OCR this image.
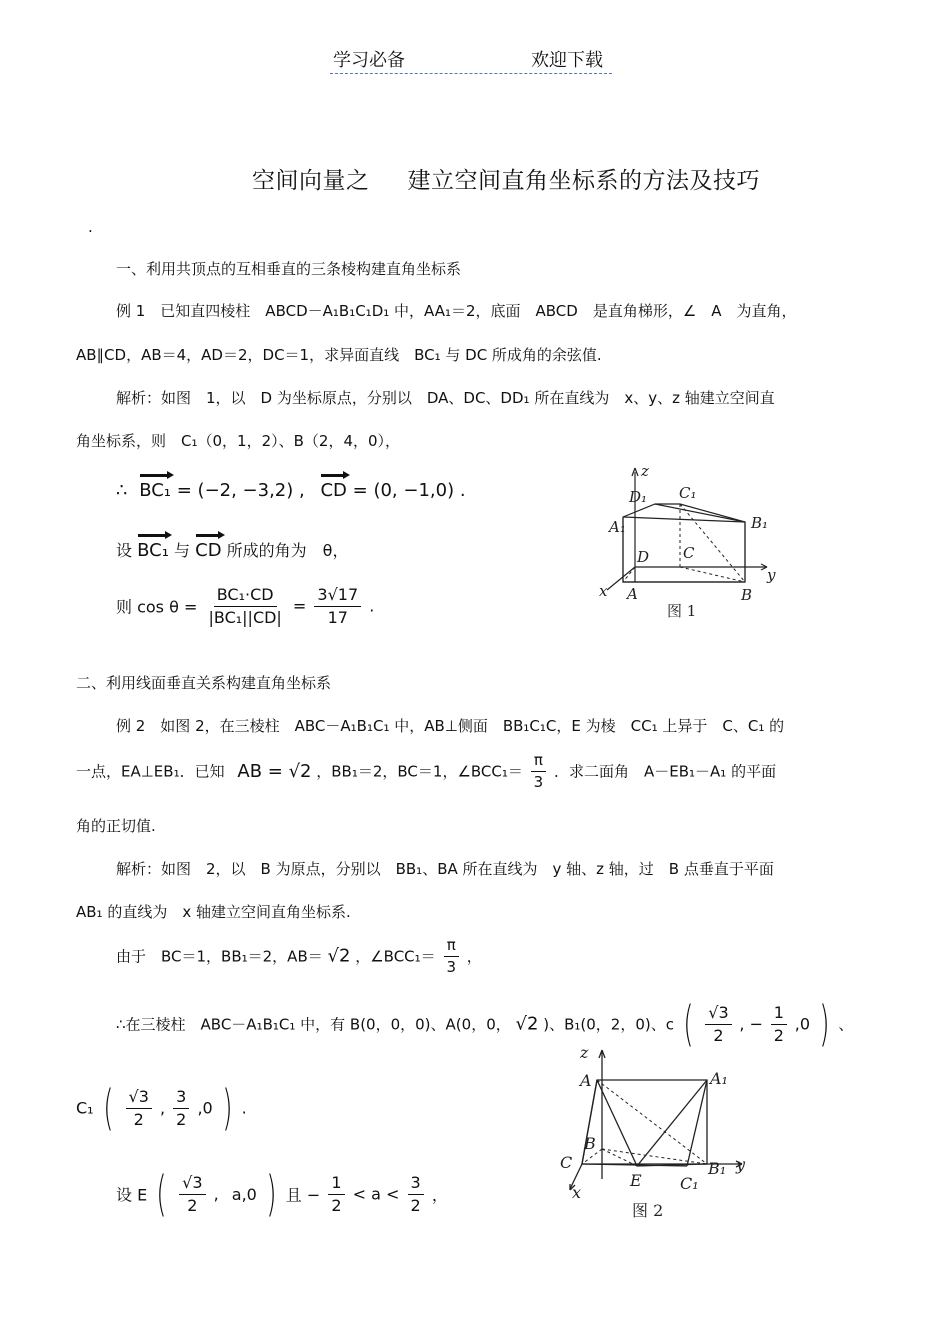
学习必备	欢迎下载
空间向量之 建立空间直角坐标系的方法及技巧
.
一、利用共顶点的互相垂直的三条棱构建直角坐标系
例 1　已知直四棱柱　ABCD－A₁B₁C₁D₁ 中，AA₁＝2，底面　ABCD　是直角梯形，∠　A　为直角，
AB∥CD，AB＝4，AD＝2，DC＝1，求异面直线　BC₁ 与 DC 所成角的余弦值.
解析：如图　1，以　D 为坐标原点，分别以　DA、DC、DD₁ 所在直线为　x、y、z 轴建立空间直
角坐标系，则　C₁（0，1，2）、B（2，4，0），
∴ BC₁ = (−2, −3,2) , CD = (0, −1,0) .
设 BC₁ 与 CD 所成的角为　θ，
则 $\cos \theta = \frac{\text{BC₁·CD}}{\text{|BC₁||CD|}} = \frac{3√17}{17}$ .
z
D₁ C₁
A₁	B₁
D C
y
x A	B
图 1
二、利用线面垂直关系构建直角坐标系
例 2　如图 2，在三棱柱　ABC－A₁B₁C₁ 中，AB⊥侧面　BB₁C₁C，E 为棱　CC₁ 上异于　C、C₁ 的
一点，EA⊥EB₁．已知 AB = √2 ，BB₁＝2，BC＝1，∠BCC₁＝ $\frac{\pi}{3}$ ．求二面角　A－EB₁－A₁ 的平面
角的正切值.
解析：如图　2，以　B 为原点，分别以　BB₁、BA 所在直线为　y 轴、z 轴，过　B 点垂直于平面
AB₁ 的直线为　x 轴建立空间直角坐标系.
由于　BC＝1，BB₁＝2，AB＝ √2 ，∠BCC₁＝ $\frac{\pi}{3}$ ，
∴在三棱柱　ABC－A₁B₁C₁ 中，有 B(0，0，0)、A(0，0， √2 )、B₁(0，2，0)、c ( $\frac{√3}{2}$ , − $\frac{1}{2} ,0$ ) 、
C₁ ( $\frac{√3}{2}$ , $\frac{3}{2} ,0$ ) .
设 E ( $\frac{√3}{2}$ , a,0 ) 且 − $\frac{1}{2} < a < \frac{3}{2}$ ，
z
A	A₁
B
C
E C₁
B₁ y
x
图 2
